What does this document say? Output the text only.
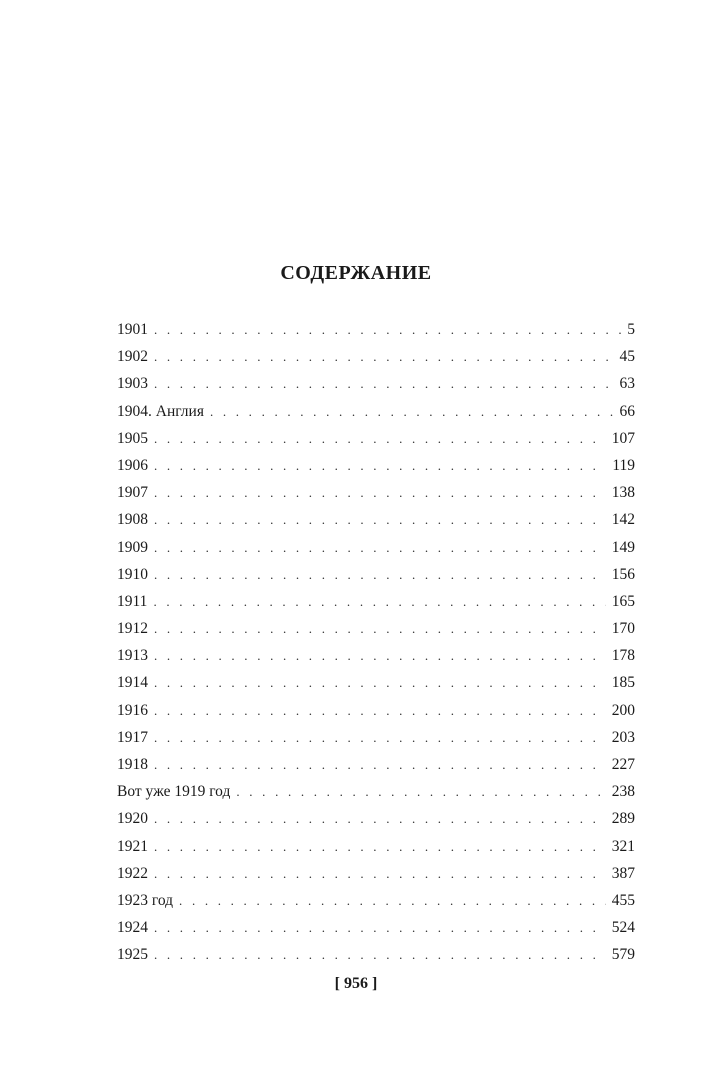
СОДЕРЖАНИЕ
1901 . . .	5
1902 . . .	45
1903 . . .	63
1904. Англия . . .	66
1905 . . .	107
1906 . . .	119
1907 . . .	138
1908 . . .	142
1909 . . .	149
1910 . . .	156
1911 . . .	165
1912 . . .	170
1913 . . .	178
1914 . . .	185
1916 . . .	200
1917 . . .	203
1918 . . .	227
Вот уже 1919 год . . .	238
1920 . . .	289
1921 . . .	321
1922 . . .	387
1923 год . . .	455
1924 . . .	524
1925 . . .	579
[ 956 ]
